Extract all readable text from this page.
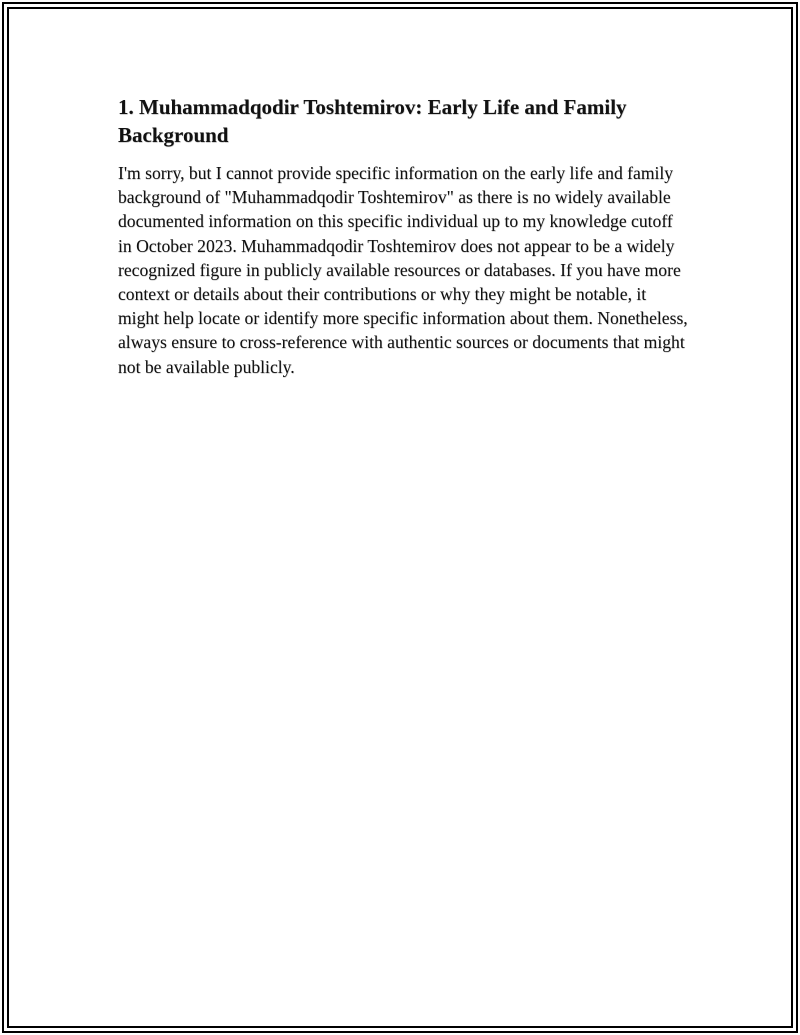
1. Muhammadqodir Toshtemirov: Early Life and Family Background

I'm sorry, but I cannot provide specific information on the early life and family background of "Muhammadqodir Toshtemirov" as there is no widely available documented information on this specific individual up to my knowledge cutoff in October 2023. Muhammadqodir Toshtemirov does not appear to be a widely recognized figure in publicly available resources or databases. If you have more context or details about their contributions or why they might be notable, it might help locate or identify more specific information about them. Nonetheless, always ensure to cross-reference with authentic sources or documents that might not be available publicly.
